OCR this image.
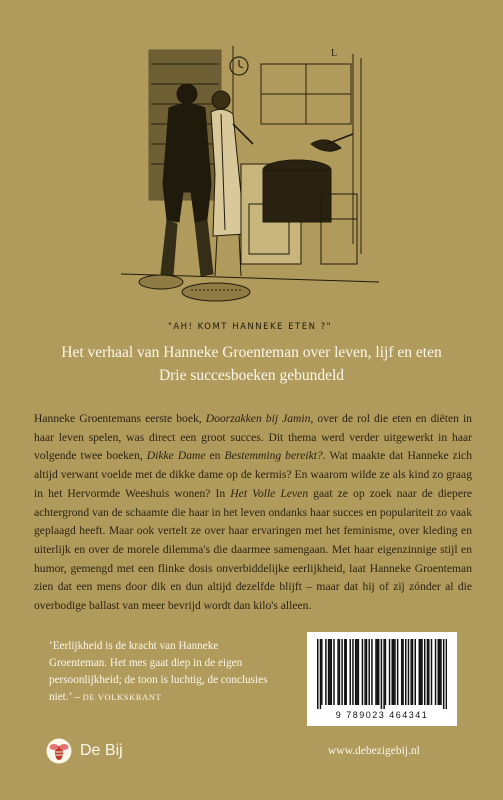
L
"AH! KOMT HANNEKE ETEN ?"
Het verhaal van Hanneke Groenteman over leven, lijf en eten
Drie succesboeken gebundeld

Hanneke Groentemans eerste boek, Doorzakken bij Jamin, over de rol die eten en diëten in haar leven spelen, was direct een groot succes. Dit thema werd verder uitgewerkt in haar volgende twee boeken, Dikke Dame en Bestemming bereikt?. Wat maakte dat Hanneke zich altijd verwant voelde met de dikke dame op de kermis? En waarom wilde ze als kind zo graag in het Hervormde Weeshuis wonen? In Het Volle Leven gaat ze op zoek naar de diepere achtergrond van de schaamte die haar in het leven ondanks haar succes en populariteit zo vaak geplaagd heeft. Maar ook vertelt ze over haar ervaringen met het feminisme, over kleding en uiterlijk en over de morele dilemma's die daarmee samengaan. Met haar eigenzinnige stijl en humor, gemengd met een flinke dosis onverbiddelijke eerlijkheid, laat Hanneke Groenteman zien dat een mens door dik en dun altijd dezelfde blijft – maar dat hij of zij zónder al die overbodige ballast van meer bevrijd wordt dan kilo's alleen.

‘Eerlijkheid is de kracht van Hanneke Groenteman. Het mes gaat diep in de eigen persoonlijkheid; de toon is luchtig, de conclusies niet.’ – DE VOLKSKRANT

9 789023 464341
De Bij	www.debezigebij.nl
